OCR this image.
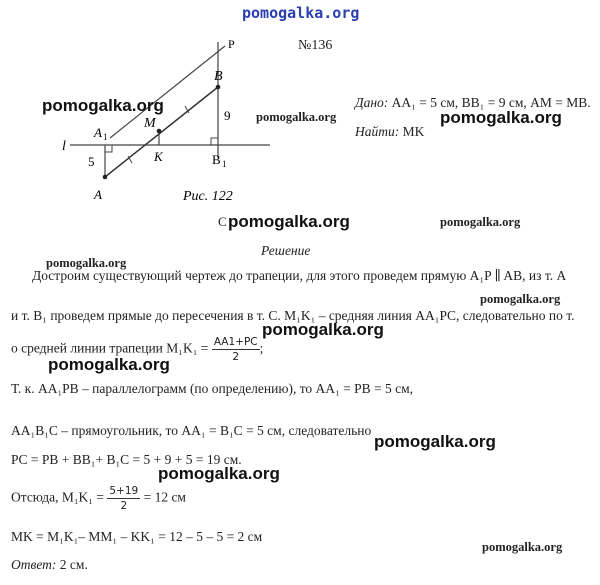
pomogalka.org
№136
P
B
A 1
M
K
l
5
A
9
B 1
Рис. 122
C
Дано: AA₁ = 5 см, BB₁ = 9 см, AM = MB.
Найти: MK
pomogalka.org
pomogalka.org	pomogalka.org
pomogalka.org	pomogalka.org
pomogalka.org
pomogalka.org
pomogalka.org
pomogalka.org
pomogalka.org
pomogalka.org
pomogalka.org
Решение
Достроим существующий чертеж до трапеции, для этого проведем прямую A₁P ∥ AB, из т. A
и т. B₁ проведем прямые до пересечения в т. C. M₁K₁ – средняя линия AA₁PC, следовательно по т.
о средней линии трапеции $M_1K_1 = \frac{AA1+PC}{2}$ ;
Т. к. AA₁PB – параллелограмм (по определению), то AA₁ = PB = 5 см,
AA₁B₁C – прямоугольник, то AA₁ = B₁C = 5 см, следовательно
PC = PB + BB₁+ B₁C = 5 + 9 + 5 = 19 см.
Отсюда, $M_1K_1 = \frac{5+19}{2} = 12$ см
MK = M₁K₁– MM₁ – KK₁ = 12 – 5 – 5 = 2 см
Ответ: 2 см.
